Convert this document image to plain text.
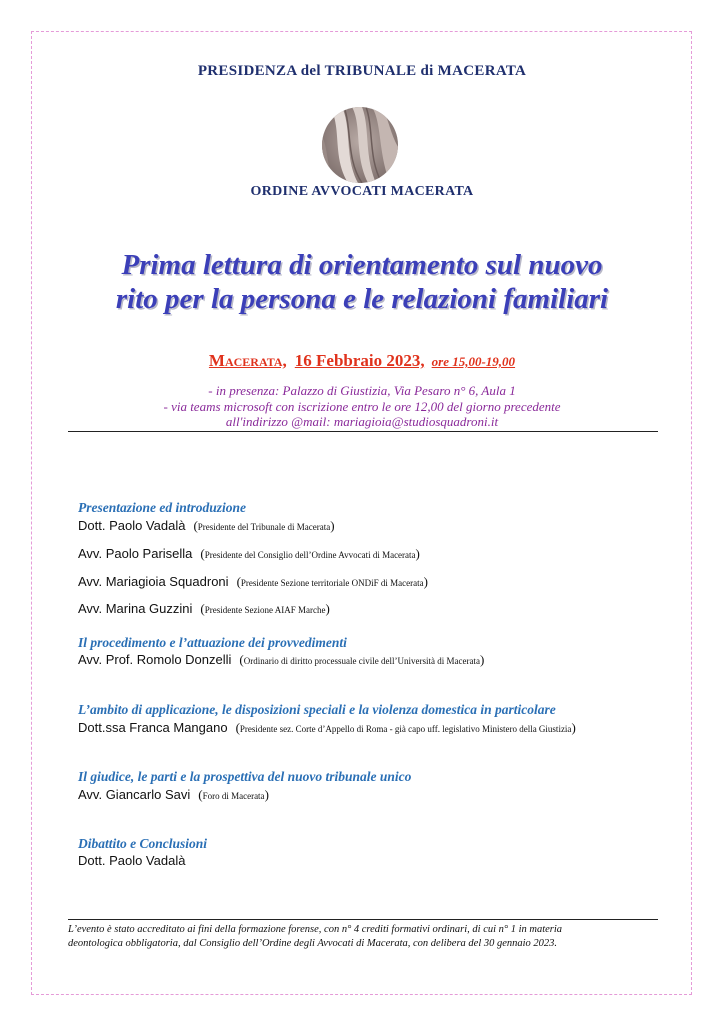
PRESIDENZA del TRIBUNALE di MACERATA
ORDINE AVVOCATI MACERATA
Prima lettura di orientamento sul nuovo
rito per la persona e le relazioni familiari
Macerata, 16 Febbraio 2023, ore 15,00-19,00
- in presenza: Palazzo di Giustizia, Via Pesaro n° 6, Aula 1
- via teams microsoft con iscrizione entro le ore 12,00 del giorno precedente
all'indirizzo @mail: mariagioia@studiosquadroni.it
Presentazione ed introduzione
Dott. Paolo Vadalà (Presidente del Tribunale di Macerata)
Avv. Paolo Parisella (Presidente del Consiglio dell’Ordine Avvocati di Macerata)
Avv. Mariagioia Squadroni (Presidente Sezione territoriale ONDiF di Macerata)
Avv. Marina Guzzini (Presidente Sezione AIAF Marche)
Il procedimento e l’attuazione dei provvedimenti
Avv. Prof. Romolo Donzelli (Ordinario di diritto processuale civile dell’Università di Macerata)
L’ambito di applicazione, le disposizioni speciali e la violenza domestica in particolare
Dott.ssa Franca Mangano (Presidente sez. Corte d’Appello di Roma - già capo uff. legislativo Ministero della Giustizia)
Il giudice, le parti e la prospettiva del nuovo tribunale unico
Avv. Giancarlo Savi (Foro di Macerata)
Dibattito e Conclusioni
Dott. Paolo Vadalà
L’evento è stato accreditato ai fini della formazione forense, con n° 4 crediti formativi ordinari, di cui n° 1 in materia
deontologica obbligatoria, dal Consiglio dell’Ordine degli Avvocati di Macerata, con delibera del 30 gennaio 2023.
